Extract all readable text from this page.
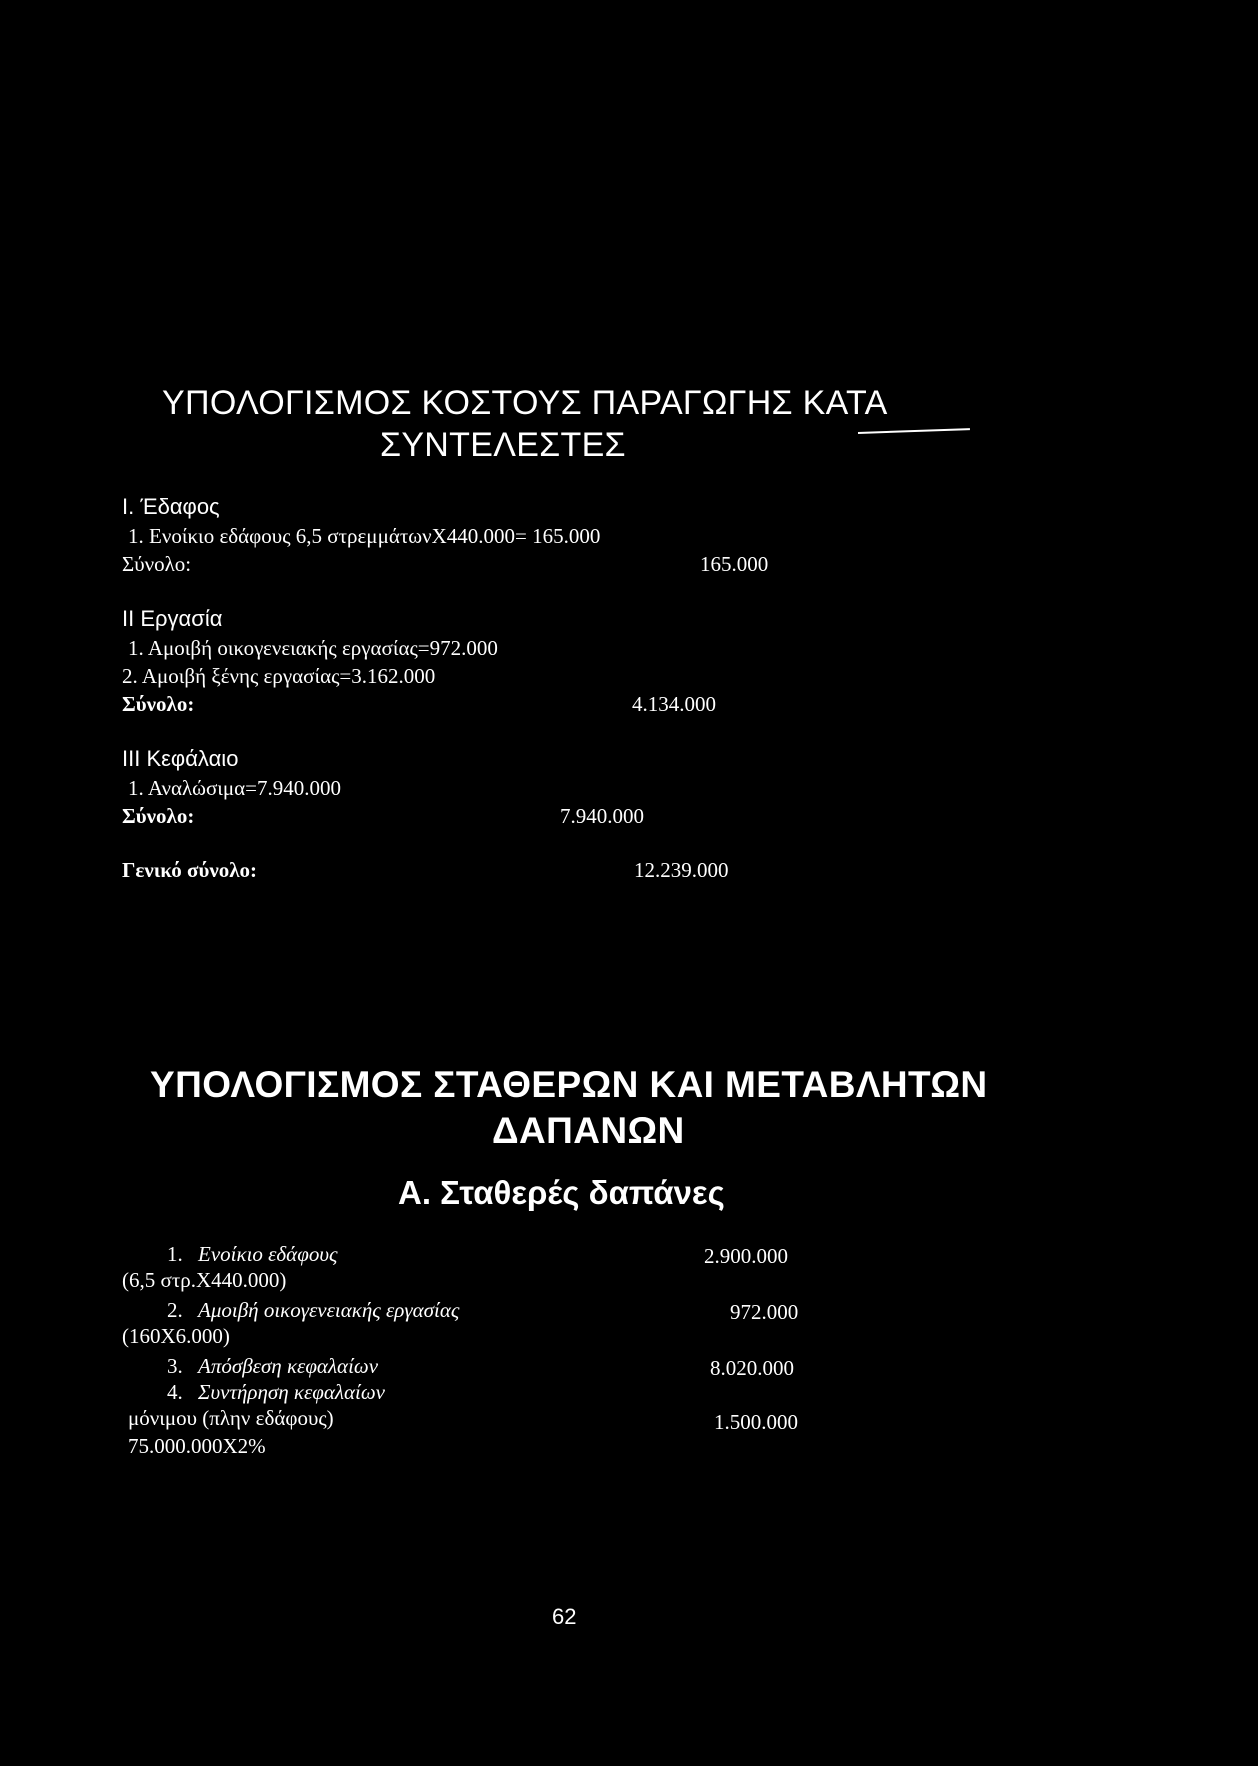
ΥΠΟΛΟΓΙΣΜΟΣ ΚΟΣΤΟΥΣ ΠΑΡΑΓΩΓΗΣ ΚΑΤΑ
ΣΥΝΤΕΛΕΣΤΕΣ
I. Έδαφος
1. Ενοίκιο εδάφους 6,5 στρεμμάτωνΧ440.000= 165.000
Σύνολο:	165.000
II Εργασία
1. Αμοιβή οικογενειακής εργασίας=972.000
2. Αμοιβή ξένης εργασίας=3.162.000
Σύνολο:	4.134.000
III Κεφάλαιο
1. Αναλώσιμα=7.940.000
Σύνολο:	7.940.000
Γενικό σύνολο:	12.239.000
ΥΠΟΛΟΓΙΣΜΟΣ ΣΤΑΘΕΡΩΝ ΚΑΙ ΜΕΤΑΒΛΗΤΩΝ
ΔΑΠΑΝΩΝ
Α. Σταθερές δαπάνες
1. Ενοίκιο εδάφους	2.900.000
(6,5 στρ.Χ440.000)
2. Αμοιβή οικογενειακής εργασίας	972.000
(160Χ6.000)
3. Απόσβεση κεφαλαίων	8.020.000
4. Συντήρηση κεφαλαίων
μόνιμου (πλην εδάφους)	1.500.000
75.000.000Χ2%
62
